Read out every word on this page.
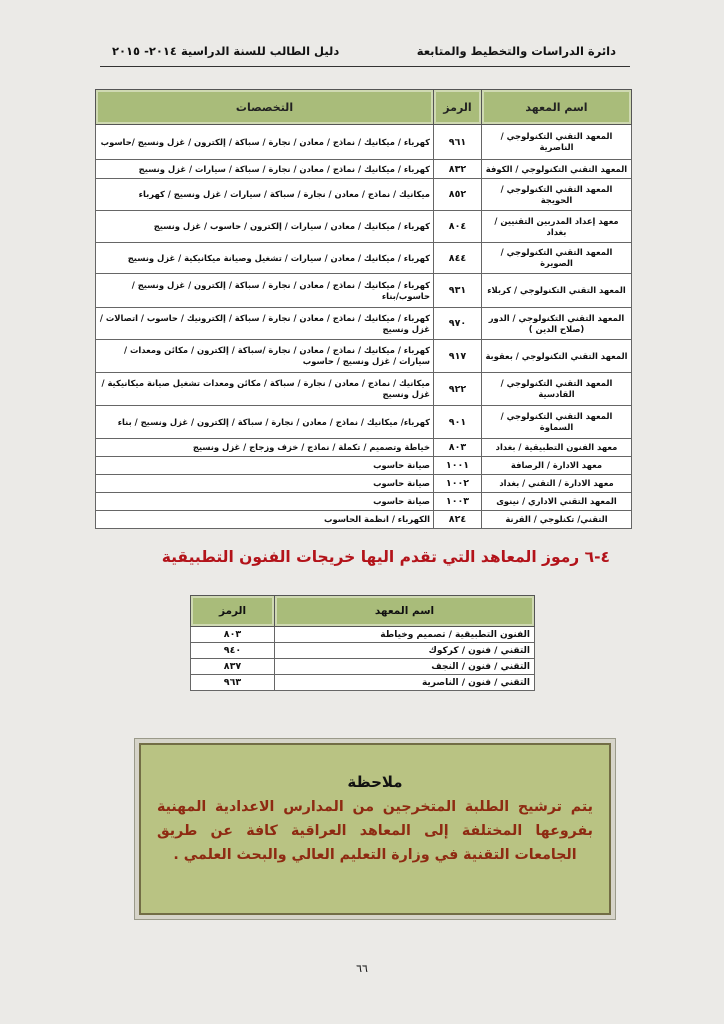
دائرة الدراسات والتخطيط والمتابعة
دليل الطالب للسنة الدراسية ٢٠١٤- ٢٠١٥
اسم المعهد	الرمز	التخصصات
المعهد التقني التكنولوجي / الناصرية	٩٦١	كهرباء / ميكانيك / نماذج / معادن / نجارة / سباكة / إلكترون / غزل ونسيج /حاسوب
المعهد التقني التكنولوجي / الكوفة	٨٣٢	كهرباء / ميكانيك / نماذج / معادن / نجارة / سباكة / سيارات / غزل ونسيج
المعهد التقني التكنولوجي / الحويجة	٨٥٢	ميكانيك / نماذج / معادن / نجارة / سباكة / سيارات / غزل ونسيج / كهرباء
معهد إعداد المدربين التقنيين / بغداد	٨٠٤	كهرباء / ميكانيك / معادن / سيارات / إلكترون / حاسوب / غزل ونسيج
المعهد التقني التكنولوجي / الصويرة	٨٤٤	كهرباء / ميكانيك / معادن / سيارات / تشغيل وصيانة ميكانيكية / غزل ونسيج
المعهد التقني التكنولوجي / كربلاء	٩٣١	كهرباء / ميكانيك / نماذج / معادن / نجارة / سباكة / إلكترون / غزل ونسيج / حاسوب/بناء
المعهد التقني التكنولوجي / الدور (صلاح الدين )	٩٧٠	كهرباء / ميكانيك / نماذج / معادن / نجارة / سباكة / إلكترونيك / حاسوب / اتصالات / غزل ونسيج
المعهد التقني التكنولوجي / بعقوبة	٩١٧	كهرباء / ميكانيك / نماذج / معادن / نجارة /سباكة / إلكترون / مكائن ومعدات / سيارات / غزل ونسيج / حاسوب
المعهد التقني التكنولوجي / القادسية	٩٢٢	ميكانيك / نماذج / معادن / نجارة / سباكة / مكائن ومعدات تشغيل صيانة ميكانيكية / غزل ونسيج
المعهد التقني التكنولوجي / السماوة	٩٠١	كهرباء/ ميكانيك / نماذج / معادن / نجارة / سباكة / إلكترون / غزل ونسيج / بناء
معهد الفنون التطبيقية / بغداد	٨٠٣	خياطة وتصميم / تكملة / نماذج / خزف وزجاج / غزل ونسيج
معهد الادارة / الرصافة	١٠٠١	صيانة حاسوب
معهد الادارة / التقني / بغداد	١٠٠٢	صيانة حاسوب
المعهد التقني الاداري / نينوى	١٠٠٣	صيانة حاسوب
التقني/ تكنلوجي / القرنة	٨٢٤	الكهرباء / انظمة الحاسوب
٤-٦ رموز المعاهد التي تقدم اليها خريجات الفنون التطبيقية
اسم المعهد	الرمز
الفنون التطبيقية / تصميم وخياطة	٨٠٣
التقني / فنون / كركوك	٩٤٠
التقني / فنون / النجف	٨٣٧
التقني / فنون / الناصرية	٩٦٣
ملاحظة
يتم ترشيح الطلبة المتخرجين من المدارس الاعدادية المهنية بفروعها المختلفة إلى المعاهد العراقية كافة عن طريق الجامعات التقنية في وزارة التعليم العالي والبحث العلمي .
٦٦
